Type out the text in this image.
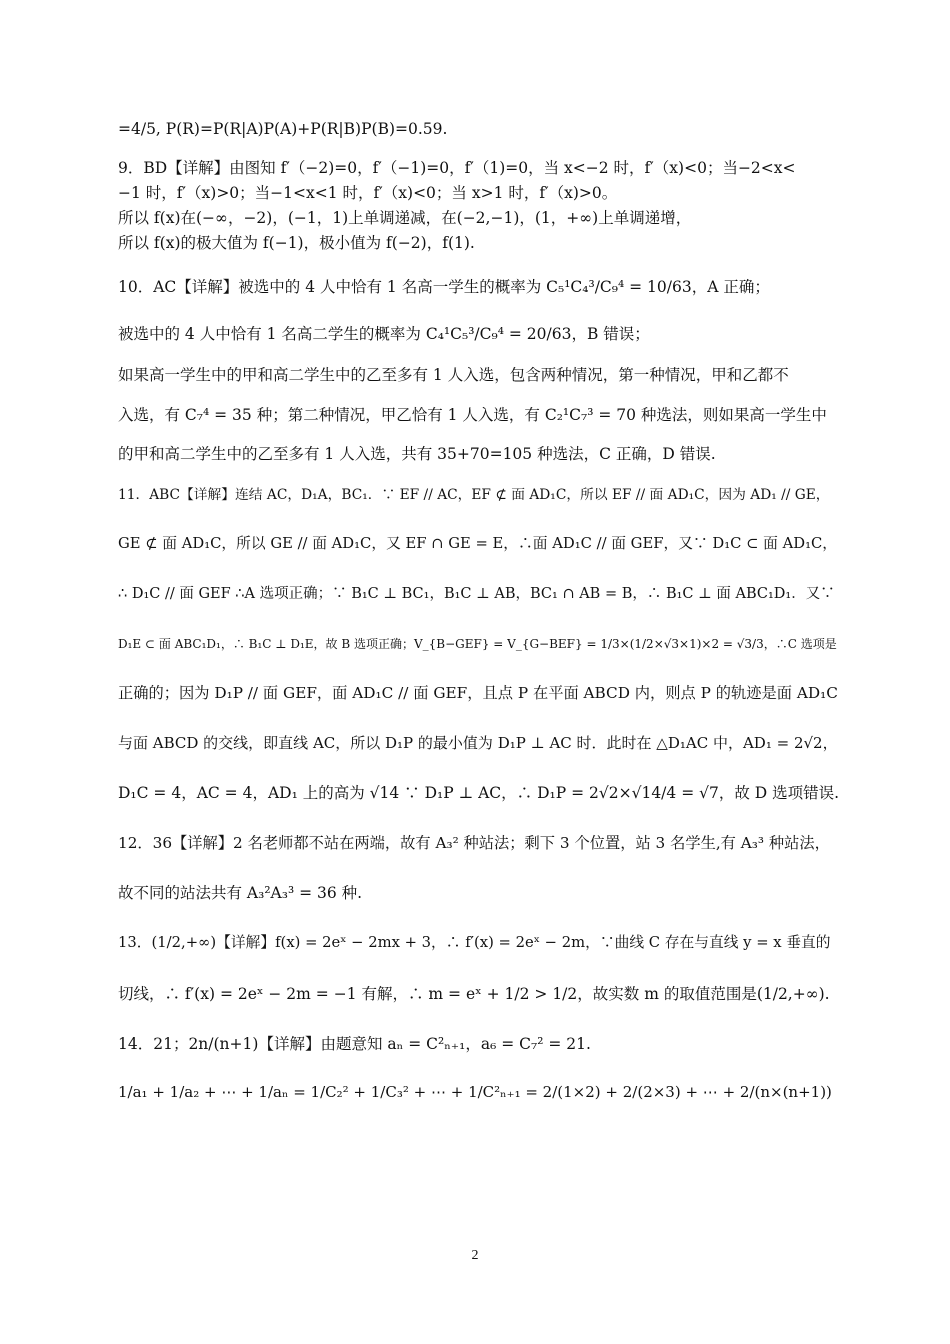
=4/5, P(R)=P(R|A)P(A)+P(R|B)P(B)=0.59.
9．BD【详解】由图知 f′（−2)=0，f′（−1)=0，f′（1)=0，当 x<−2 时，f′（x)<0；当−2<x<
−1 时，f′（x)>0；当−1<x<1 时，f′（x)<0；当 x>1 时，f′（x)>0。
所以 f(x)在(−∞，−2)，(−1，1)上单调递减，在(−2,−1)，(1，+∞)上单调递增，
所以 f(x)的极大值为 f(−1)，极小值为 f(−2)，f(1).
10．AC【详解】被选中的 4 人中恰有 1 名高一学生的概率为 C₅¹C₄³/C₉⁴ = 10/63，A 正确；
被选中的 4 人中恰有 1 名高二学生的概率为 C₄¹C₅³/C₉⁴ = 20/63，B 错误；
如果高一学生中的甲和高二学生中的乙至多有 1 人入选，包含两种情况，第一种情况，甲和乙都不
入选，有 C₇⁴ = 35 种；第二种情况，甲乙恰有 1 人入选，有 C₂¹C₇³ = 70 种选法，则如果高一学生中
的甲和高二学生中的乙至多有 1 人入选，共有 35+70=105 种选法，C 正确，D 错误.
11．ABC【详解】连结 AC，D₁A，BC₁．∵ EF // AC，EF ⊄ 面 AD₁C，所以 EF // 面 AD₁C，因为 AD₁ // GE，
GE ⊄ 面 AD₁C，所以 GE // 面 AD₁C，又 EF ∩ GE = E，∴面 AD₁C // 面 GEF，又∵ D₁C ⊂ 面 AD₁C，
∴ D₁C // 面 GEF ∴A 选项正确；∵ B₁C ⊥ BC₁，B₁C ⊥ AB，BC₁ ∩ AB = B，∴ B₁C ⊥ 面 ABC₁D₁．又∵
D₁E ⊂ 面 ABC₁D₁，∴ B₁C ⊥ D₁E，故 B 选项正确；V_{B−GEF} = V_{G−BEF} = 1/3×(1/2×√3×1)×2 = √3/3，∴C 选项是
正确的；因为 D₁P // 面 GEF，面 AD₁C // 面 GEF，且点 P 在平面 ABCD 内，则点 P 的轨迹是面 AD₁C
与面 ABCD 的交线，即直线 AC，所以 D₁P 的最小值为 D₁P ⊥ AC 时．此时在 △D₁AC 中，AD₁ = 2√2，
D₁C = 4，AC = 4，AD₁ 上的高为 √14 ∵ D₁P ⊥ AC，∴ D₁P = 2√2×√14/4 = √7，故 D 选项错误.
12．36【详解】2 名老师都不站在两端，故有 A₃² 种站法；剩下 3 个位置，站 3 名学生,有 A₃³ 种站法，
故不同的站法共有 A₃²A₃³ = 36 种.
13．(1/2,+∞)【详解】f(x) = 2eˣ − 2mx + 3，∴ f′(x) = 2eˣ − 2m，∵曲线 C 存在与直线 y = x 垂直的
切线，∴ f′(x) = 2eˣ − 2m = −1 有解，∴ m = eˣ + 1/2 > 1/2，故实数 m 的取值范围是(1/2,+∞).
14．21；2n/(n+1)【详解】由题意知 aₙ = C²ₙ₊₁，a₆ = C₇² = 21.
1/a₁ + 1/a₂ + ⋯ + 1/aₙ = 1/C₂² + 1/C₃² + ⋯ + 1/C²ₙ₊₁ = 2/(1×2) + 2/(2×3) + ⋯ + 2/(n×(n+1))
2
